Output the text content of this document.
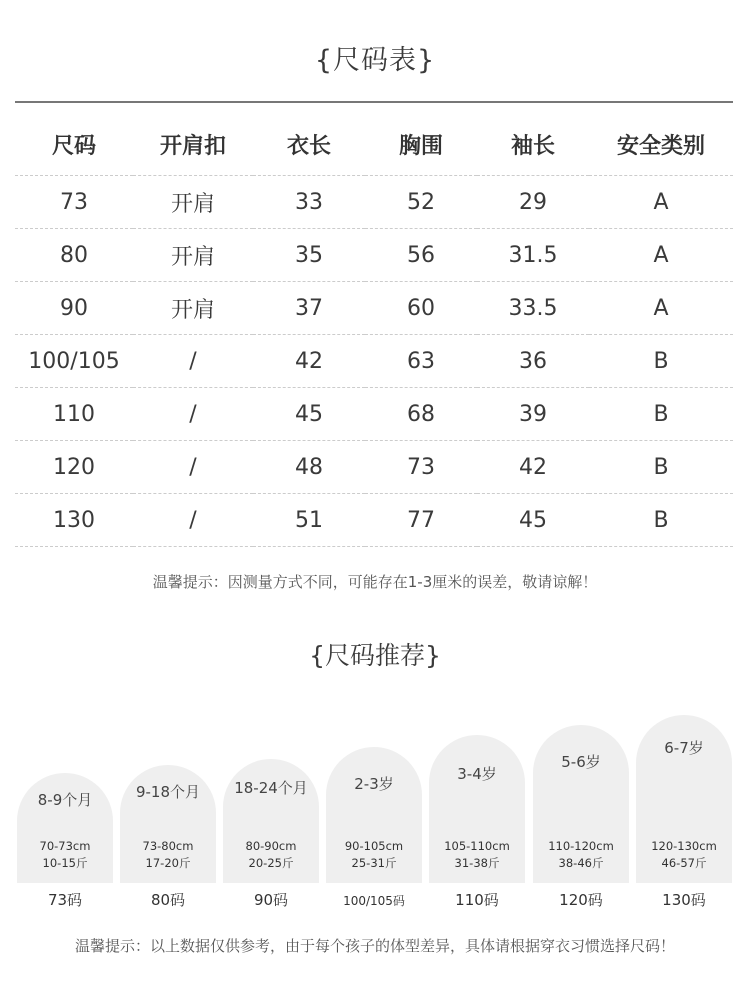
{尺码表}
尺码	开肩扣	衣长	胸围	袖长	安全类别
73	开肩	33	52	29	A
80	开肩	35	56	31.5	A
90	开肩	37	60	33.5	A
100/105	/	42	63	36	B
110	/	45	68	39	B
120	/	48	73	42	B
130	/	51	77	45	B
温馨提示：因测量方式不同，可能存在1-3厘米的误差，敬请谅解！
{尺码推荐}
8-9个月
70-73cm
10-15斤
9-18个月
73-80cm
17-20斤
18-24个月
80-90cm
20-25斤
2-3岁
90-105cm
25-31斤
3-4岁
105-110cm
31-38斤
5-6岁
110-120cm
38-46斤
6-7岁
120-130cm
46-57斤
73码	80码	90码	100/105码	110码	120码	130码
温馨提示：以上数据仅供参考，由于每个孩子的体型差异，具体请根据穿衣习惯选择尺码！
